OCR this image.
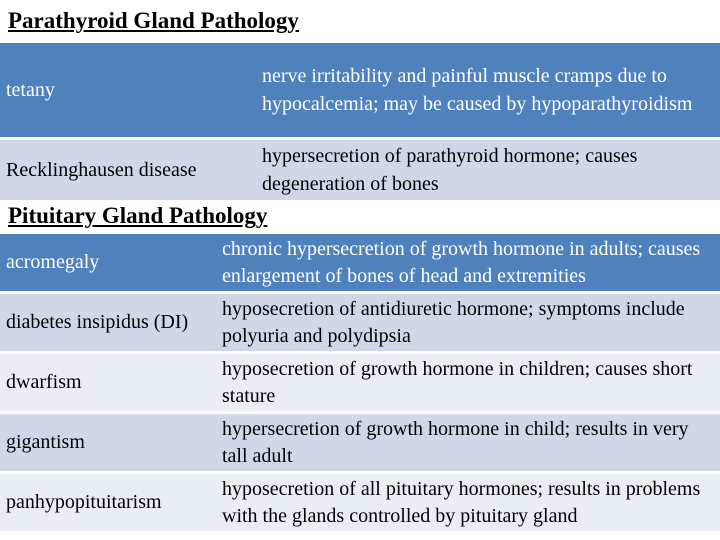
Parathyroid Gland Pathology
tetany	nerve irritability and painful muscle cramps due to hypocalcemia; may be caused by hypoparathyroidism
Recklinghausen disease	hypersecretion of parathyroid hormone; causes degeneration of bones
Pituitary Gland Pathology
acromegaly	chronic hypersecretion of growth hormone in adults; causes enlargement of bones of head and extremities
diabetes insipidus (DI)	hyposecretion of antidiuretic hormone; symptoms include polyuria and polydipsia
dwarfism	hyposecretion of growth hormone in children; causes short stature
gigantism	hypersecretion of growth hormone in child; results in very tall adult
panhypopituitarism	hyposecretion of all pituitary hormones; results in problems with the glands controlled by pituitary gland
